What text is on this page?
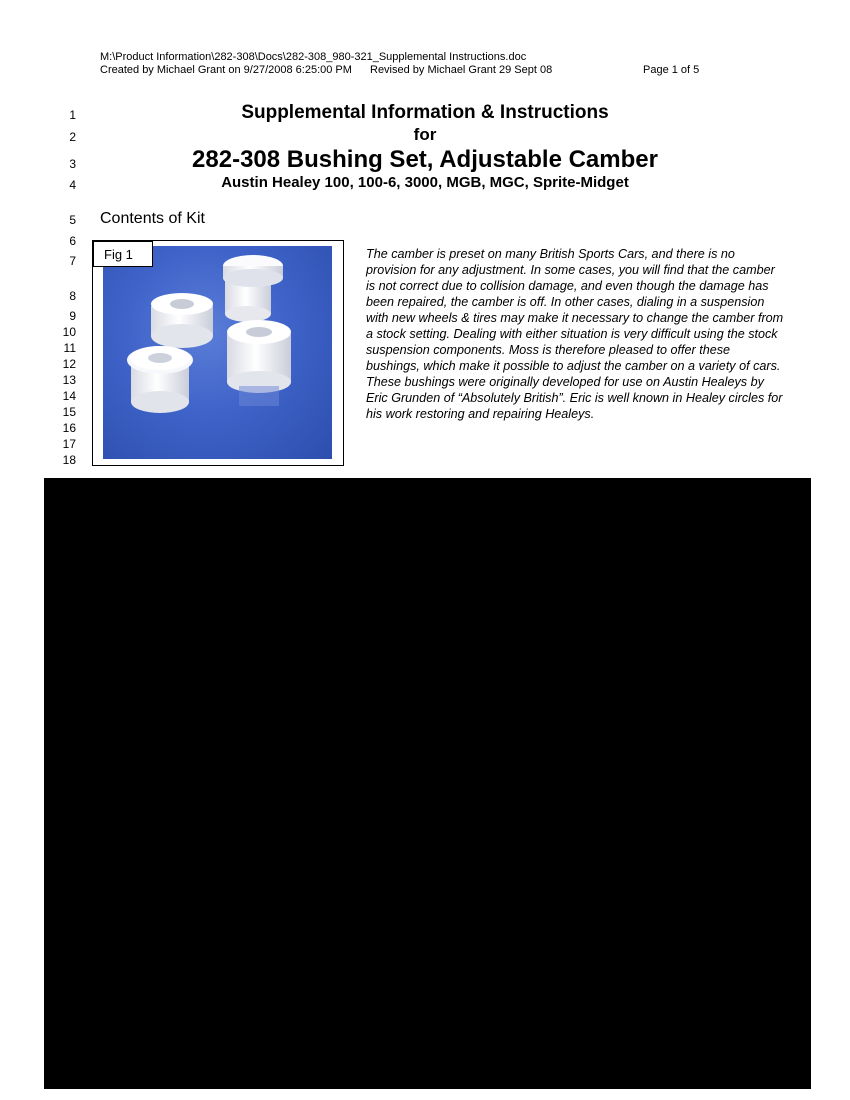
M:\Product Information\282-308\Docs\282-308_980-321_Supplemental Instructions.doc
Created by Michael Grant on 9/27/2008 6:25:00 PM Revised by Michael Grant 29 Sept 08	Page 1 of 5
1
2
3
4
5
6
7
8
9
10
11
12
13
14
15
16
17
18
Supplemental Information & Instructions
for
282-308 Bushing Set, Adjustable Camber
Austin Healey 100, 100-6, 3000, MGB, MGC, Sprite-Midget
Contents of Kit
Fig 1	The camber is preset on many British Sports Cars, and there is no provision for any adjustment. In some cases, you will find that the camber is not correct due to collision damage, and even though the damage has been repaired, the camber is off. In other cases, dialing in a suspension with new wheels & tires may make it necessary to change the camber from a stock setting. Dealing with either situation is very difficult using the stock suspension components. Moss is therefore pleased to offer these bushings, which make it possible to adjust the camber on a variety of cars. These bushings were originally developed for use on Austin Healeys by Eric Grunden of “Absolutely British”. Eric is well known in Healey circles for his work restoring and repairing Healeys.
